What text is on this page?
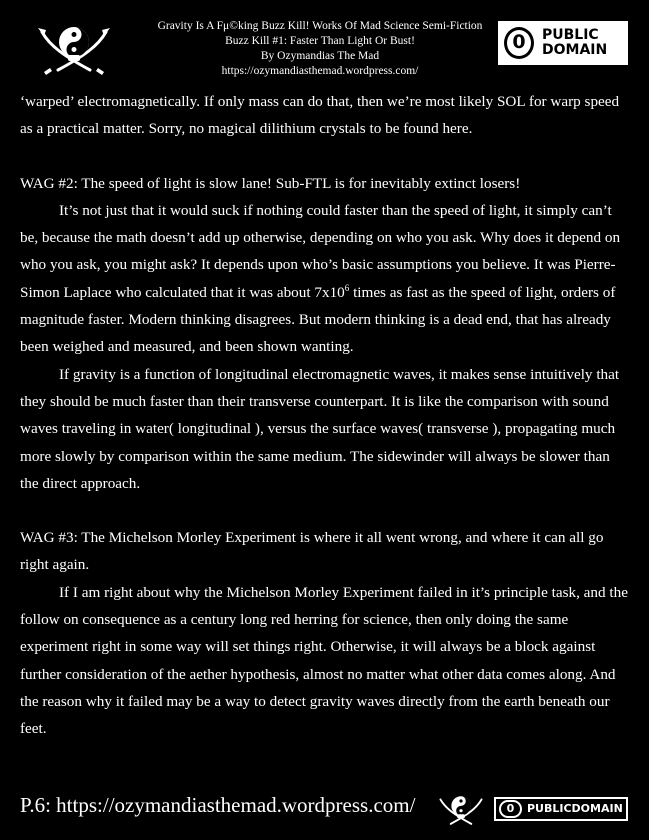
Gravity Is A Fμ©king Buzz Kill! Works Of Mad Science Semi-Fiction
Buzz Kill #1: Faster Than Light Or Bust!
By Ozymandias The Mad
https://ozymandiasthemad.wordpress.com/
0	PUBLIC
DOMAIN

‘warped’ electromagnetically. If only mass can do that, then we’re most likely SOL for warp speed as a practical matter. Sorry, no magical dilithium crystals to be found here.

WAG #2: The speed of light is slow lane! Sub-FTL is for inevitably extinct losers!

It’s not just that it would suck if nothing could faster than the speed of light, it simply can’t be, because the math doesn’t add up otherwise, depending on who you ask. Why does it depend on who you ask, you might ask? It depends upon who’s basic assumptions you believe. It was Pierre-Simon Laplace who calculated that it was about $7x10^6$ times as fast as the speed of light, orders of magnitude faster. Modern thinking disagrees. But modern thinking is a dead end, that has already been weighed and measured, and been shown wanting.

If gravity is a function of longitudinal electromagnetic waves, it makes sense intuitively that they should be much faster than their transverse counterpart. It is like the comparison with sound waves traveling in water( longitudinal ), versus the surface waves( transverse ), propagating much more slowly by comparison within the same medium. The sidewinder will always be slower than the direct approach.

WAG #3: The Michelson Morley Experiment is where it all went wrong, and where it can all go right again.

If I am right about why the Michelson Morley Experiment failed in it’s principle task, and the follow on consequence as a century long red herring for science, then only doing the same experiment right in some way will set things right. Otherwise, it will always be a block against further consideration of the aether hypothesis, almost no matter what other data comes along. And the reason why it failed may be a way to detect gravity waves directly from the earth beneath our feet.

P.6: https://ozymandiasthemad.wordpress.com/	0	PUBLICDOMAIN
